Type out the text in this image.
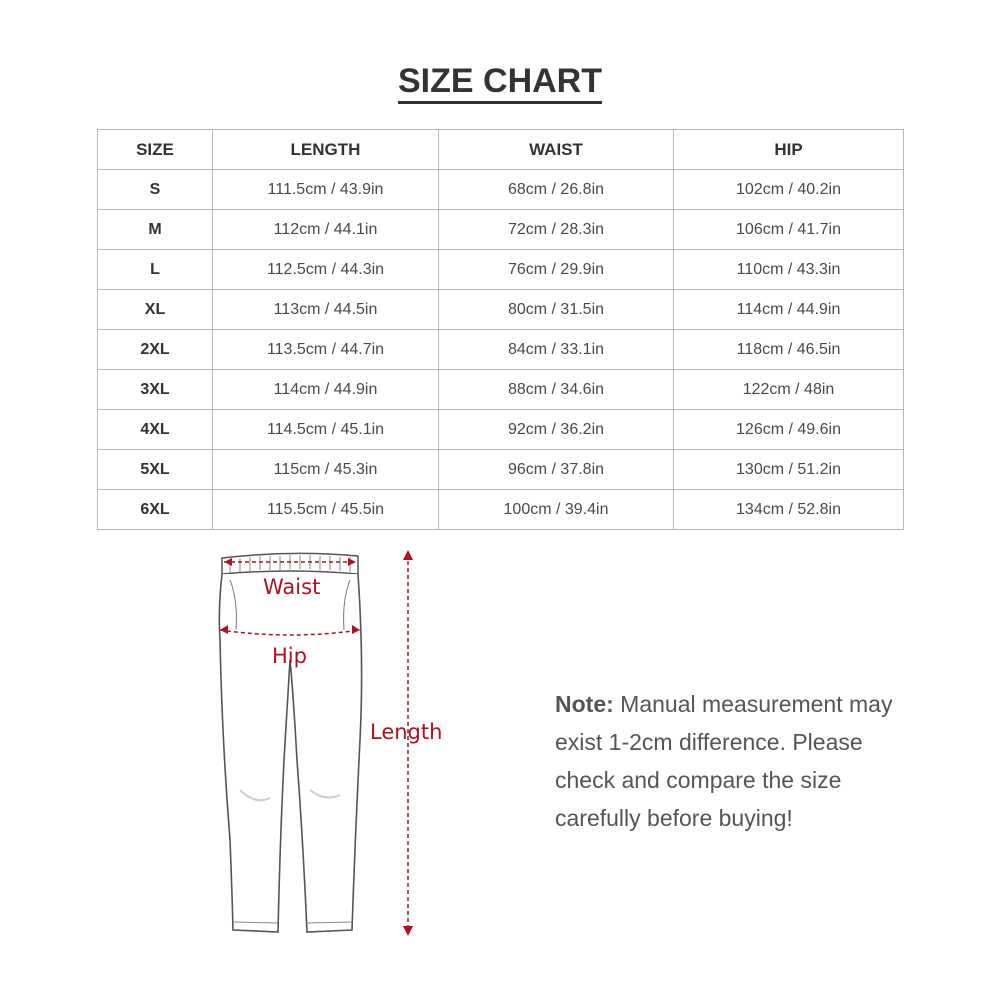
SIZE CHART
SIZE	LENGTH	WAIST	HIP
S	111.5cm / 43.9in	68cm / 26.8in	102cm / 40.2in
M	112cm / 44.1in	72cm / 28.3in	106cm / 41.7in
L	112.5cm / 44.3in	76cm / 29.9in	110cm / 43.3in
XL	113cm / 44.5in	80cm / 31.5in	114cm / 44.9in
2XL	113.5cm / 44.7in	84cm / 33.1in	118cm / 46.5in
3XL	114cm / 44.9in	88cm / 34.6in	122cm / 48in
4XL	114.5cm / 45.1in	92cm / 36.2in	126cm / 49.6in
5XL	115cm / 45.3in	96cm / 37.8in	130cm / 51.2in
6XL	115.5cm / 45.5in	100cm / 39.4in	134cm / 52.8in
Waist
Hip
Length
Note: Manual measurement may exist 1-2cm difference. Please check and compare the size carefully before buying!
